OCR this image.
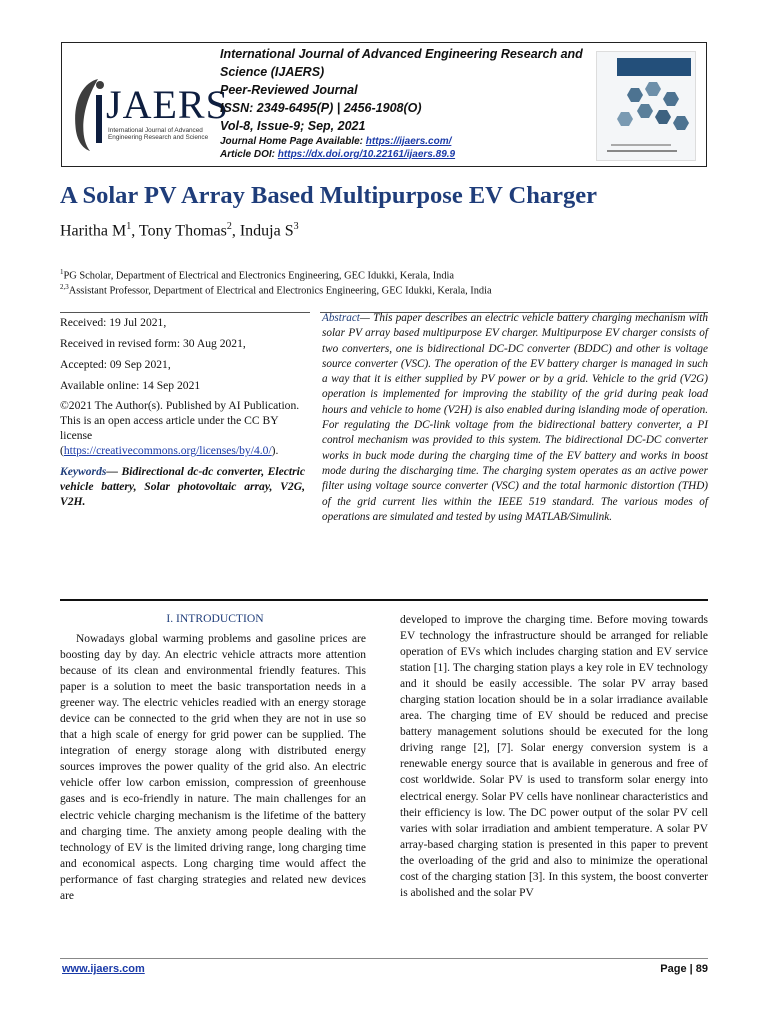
JAERS
International Journal of Advanced Engineering Research and Science
International Journal of Advanced Engineering Research and
Science (IJAERS)
Peer-Reviewed Journal
ISSN: 2349-6495(P) | 2456-1908(O)
Vol-8, Issue-9; Sep, 2021
Journal Home Page Available: https://ijaers.com/
Article DOI: https://dx.doi.org/10.22161/ijaers.89.9
A Solar PV Array Based Multipurpose EV Charger
Haritha $M^1$, Tony Thomas$^2$, Induja $S^3$
$^1$PG Scholar, Department of Electrical and Electronics Engineering, GEC Idukki, Kerala, India
$^{2,3}$Assistant Professor, Department of Electrical and Electronics Engineering, GEC Idukki, Kerala, India
Received: 19 Jul 2021,
Received in revised form: 30 Aug 2021,
Accepted: 09 Sep 2021,
Available online: 14 Sep 2021
©2021 The Author(s). Published by AI Publication. This is an open access article under the CC BY license (https://creativecommons.org/licenses/by/4.0/).
Keywords— Bidirectional dc-dc converter, Electric vehicle battery, Solar photovoltaic array, V2G, V2H.
Abstract— This paper describes an electric vehicle battery charging mechanism with solar PV array based multipurpose EV charger. Multipurpose EV charger consists of two converters, one is bidirectional DC-DC converter (BDDC) and other is voltage source converter (VSC). The operation of the EV battery charger is managed in such a way that it is either supplied by PV power or by a grid. Vehicle to the grid (V2G) operation is implemented for improving the stability of the grid during peak load hours and vehicle to home (V2H) is also enabled during islanding mode of operation. For regulating the DC-link voltage from the bidirectional battery converter, a PI control mechanism was provided to this system. The bidirectional DC-DC converter works in buck mode during the charging time of the EV battery and works in boost mode during the discharging time. The charging system operates as an active power filter using voltage source converter (VSC) and the total harmonic distortion (THD) of the grid current lies within the IEEE 519 standard. The various modes of operations are simulated and tested by using MATLAB/Simulink.
I. INTRODUCTION
Nowadays global warming problems and gasoline prices are boosting day by day. An electric vehicle attracts more attention because of its clean and environmental friendly features. This paper is a solution to meet the basic transportation needs in a greener way. The electric vehicles readied with an energy storage device can be connected to the grid when they are not in use so that a high scale of energy for grid power can be supplied. The integration of energy storage along with distributed energy sources improves the power quality of the grid also. An electric vehicle offer low carbon emission, compression of greenhouse gases and is eco-friendly in nature. The main challenges for an electric vehicle charging mechanism is the lifetime of the battery and charging time. The anxiety among people dealing with the technology of EV is the limited driving range, long charging time and economical aspects. Long charging time would affect the performance of fast charging strategies and related new devices are
developed to improve the charging time. Before moving towards EV technology the infrastructure should be arranged for reliable operation of EVs which includes charging station and EV service station [1]. The charging station plays a key role in EV technology and it should be easily accessible. The solar PV array based charging station location should be in a solar irradiance available area. The charging time of EV should be reduced and precise battery management solutions should be executed for the long driving range [2], [7]. Solar energy conversion system is a renewable energy source that is available in generous and free of cost worldwide. Solar PV is used to transform solar energy into electrical energy. Solar PV cells have nonlinear characteristics and their efficiency is low. The DC power output of the solar PV cell varies with solar irradiation and ambient temperature. A solar PV array-based charging station is presented in this paper to prevent the overloading of the grid and also to minimize the operational cost of the charging station [3]. In this system, the boost converter is abolished and the solar PV
www.ijaers.com	Page | 89
